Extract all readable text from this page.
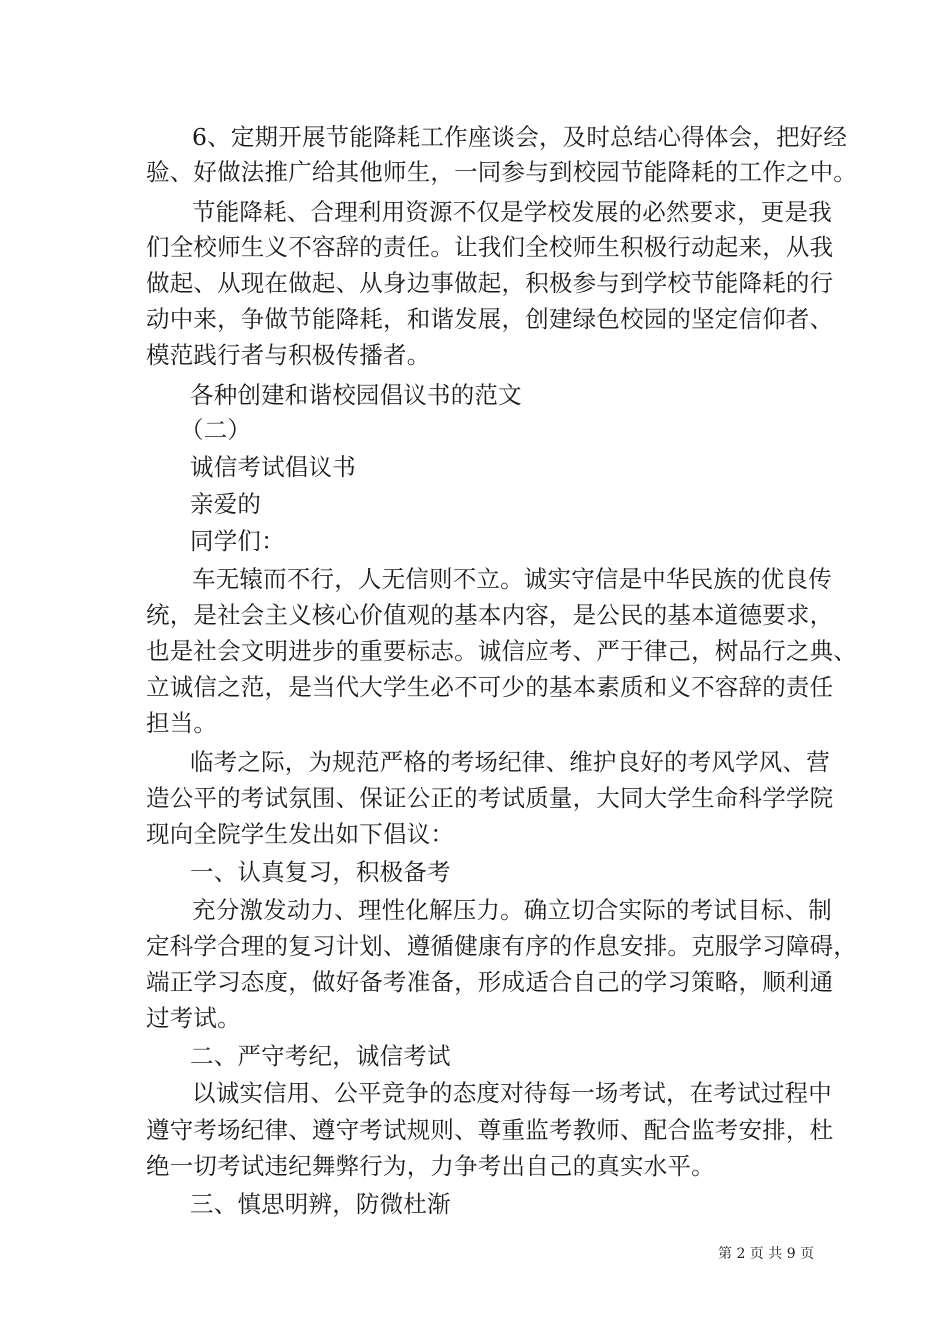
6、定期开展节能降耗工作座谈会，及时总结心得体会，把好经
验、好做法推广给其他师生，一同参与到校园节能降耗的工作之中。
节能降耗、合理利用资源不仅是学校发展的必然要求，更是我
们全校师生义不容辞的责任。让我们全校师生积极行动起来，从我
做起、从现在做起、从身边事做起，积极参与到学校节能降耗的行
动中来，争做节能降耗，和谐发展，创建绿色校园的坚定信仰者、
模范践行者与积极传播者。
各种创建和谐校园倡议书的范文
（二）
诚信考试倡议书
亲爱的
同学们：
车无辕而不行，人无信则不立。诚实守信是中华民族的优良传
统，是社会主义核心价值观的基本内容，是公民的基本道德要求，
也是社会文明进步的重要标志。诚信应考、严于律己，树品行之典、
立诚信之范，是当代大学生必不可少的基本素质和义不容辞的责任
担当。
临考之际，为规范严格的考场纪律、维护良好的考风学风、营
造公平的考试氛围、保证公正的考试质量，大同大学生命科学学院
现向全院学生发出如下倡议：
一、认真复习，积极备考
充分激发动力、理性化解压力。确立切合实际的考试目标、制
定科学合理的复习计划、遵循健康有序的作息安排。克服学习障碍，
端正学习态度，做好备考准备，形成适合自己的学习策略，顺利通
过考试。
二、严守考纪，诚信考试
以诚实信用、公平竞争的态度对待每一场考试，在考试过程中
遵守考场纪律、遵守考试规则、尊重监考教师、配合监考安排，杜
绝一切考试违纪舞弊行为，力争考出自己的真实水平。
三、慎思明辨，防微杜渐
第 2 页 共 9 页
